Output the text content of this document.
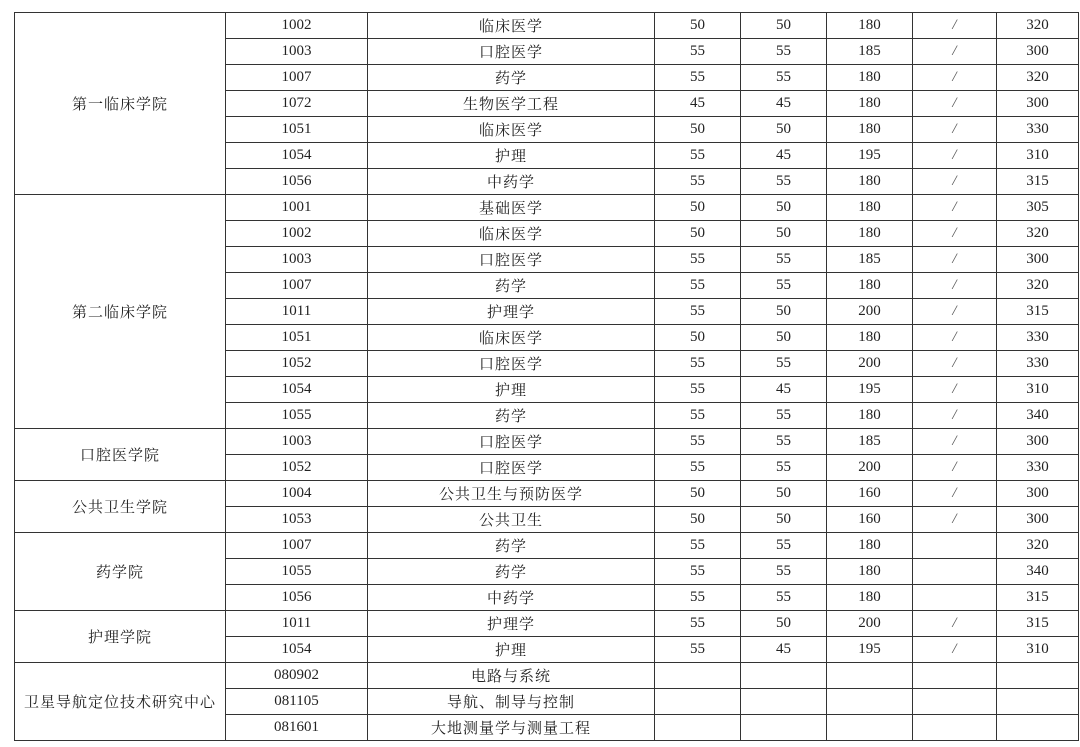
第一临床学院	1002	临床医学	50	50	180	/	320
	1003	口腔医学	55	55	185	/	300
	1007	药学	55	55	180	/	320
	1072	生物医学工程	45	45	180	/	300
	1051	临床医学	50	50	180	/	330
	1054	护理	55	45	195	/	310
	1056	中药学	55	55	180	/	315
第二临床学院	1001	基础医学	50	50	180	/	305
	1002	临床医学	50	50	180	/	320
	1003	口腔医学	55	55	185	/	300
	1007	药学	55	55	180	/	320
	1011	护理学	55	50	200	/	315
	1051	临床医学	50	50	180	/	330
	1052	口腔医学	55	55	200	/	330
	1054	护理	55	45	195	/	310
	1055	药学	55	55	180	/	340
口腔医学院	1003	口腔医学	55	55	185	/	300
	1052	口腔医学	55	55	200	/	330
公共卫生学院	1004	公共卫生与预防医学	50	50	160	/	300
	1053	公共卫生	50	50	160	/	300
药学院	1007	药学	55	55	180		320
	1055	药学	55	55	180		340
	1056	中药学	55	55	180		315
护理学院	1011	护理学	55	50	200	/	315
	1054	护理	55	45	195	/	310
卫星导航定位技术研究中心	080902	电路与系统					
	081105	导航、制导与控制					
	081601	大地测量学与测量工程					
